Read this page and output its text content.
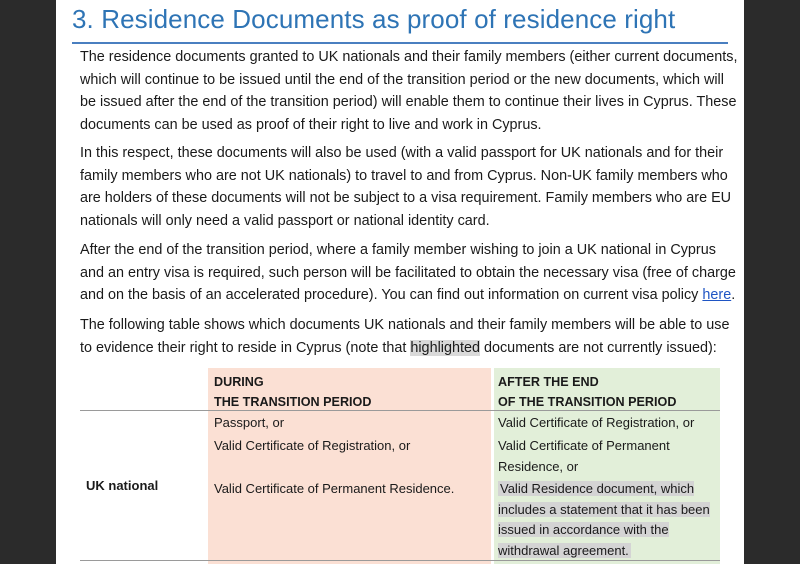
3. Residence Documents as proof of residence right

The residence documents granted to UK nationals and their family members (either current documents, which will continue to be issued until the end of the transition period or the new documents, which will be issued after the end of the transition period) will enable them to continue their lives in Cyprus. These documents can be used as proof of their right to live and work in Cyprus.

In this respect, these documents will also be used (with a valid passport for UK nationals and for their family members who are not UK nationals) to travel to and from Cyprus. Non-UK family members who are holders of these documents will not be subject to a visa requirement. Family members who are EU nationals will only need a valid passport or national identity card.

After the end of the transition period, where a family member wishing to join a UK national in Cyprus and an entry visa is required, such person will be facilitated to obtain the necessary visa (free of charge and on the basis of an accelerated procedure). You can find out information on current visa policy here.

The following table shows which documents UK nationals and their family members will be able to use to evidence their right to reside in Cyprus (note that highlighted documents are not currently issued):

DURING
THE TRANSITION PERIOD
AFTER THE END
OF THE TRANSITION PERIOD
UK national
Passport, or
Valid Certificate of Registration, or
Valid Certificate of Permanent Residence.
Valid Certificate of Registration, or
Valid Certificate of Permanent Residence, or
Valid Residence document, which includes a statement that it has been issued in accordance with the withdrawal agreement.
